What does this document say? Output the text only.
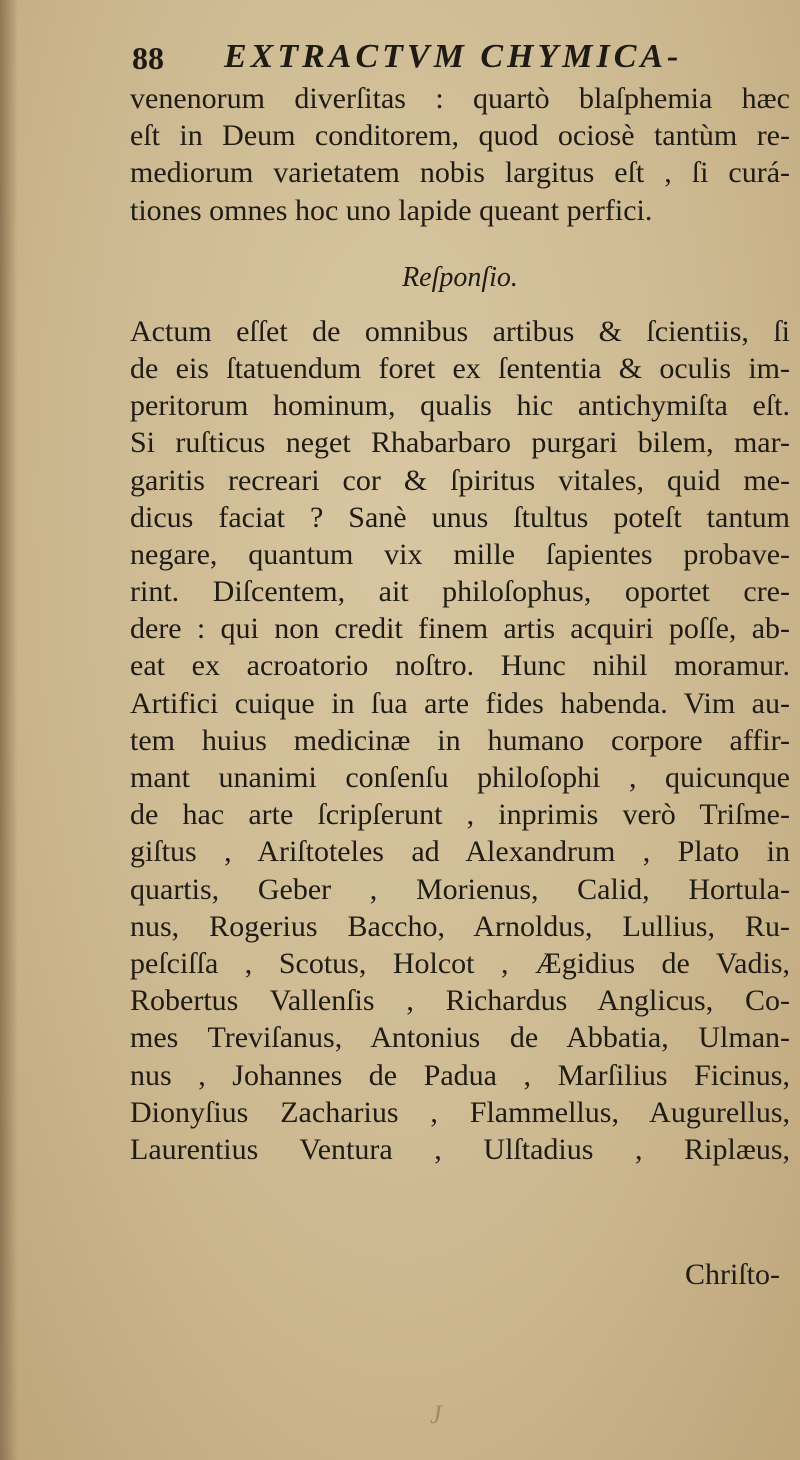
88 EXTRACTVM CHYMICA-
venenorum diverſitas : quartò blaſphemia hæc
eſt in Deum conditorem, quod ociosè tantùm re-
mediorum varietatem nobis largitus eſt , ſi curá-
tiones omnes hoc uno lapide queant perfici.
Reſponſio.
Actum eſſet de omnibus artibus & ſcientiis, ſi
de eis ſtatuendum foret ex ſententia & oculis im-
peritorum hominum, qualis hic antichymiſta eſt.
Si ruſticus neget Rhabarbaro purgari bilem, mar-
garitis recreari cor & ſpiritus vitales, quid me-
dicus faciat ? Sanè unus ſtultus poteſt tantum
negare, quantum vix mille ſapientes probave-
rint. Diſcentem, ait philoſophus, oportet cre-
dere : qui non credit finem artis acquiri poſſe, ab-
eat ex acroatorio noſtro. Hunc nihil moramur.
Artifici cuique in ſua arte fides habenda. Vim au-
tem huius medicinæ in humano corpore affir-
mant unanimi conſenſu philoſophi , quicunque
de hac arte ſcripſerunt , inprimis verò Triſme-
giſtus , Ariſtoteles ad Alexandrum , Plato in
quartis, Geber , Morienus, Calid, Hortula-
nus, Rogerius Baccho, Arnoldus, Lullius, Ru-
peſciſſa , Scotus, Holcot , Ægidius de Vadis,
Robertus Vallenſis , Richardus Anglicus, Co-
mes Treviſanus, Antonius de Abbatia, Ulman-
nus , Johannes de Padua , Marſilius Ficinus,
Dionyſius Zacharius , Flammellus, Augurellus,
Laurentius Ventura , Ulſtadius , Riplæus,
Chriſto-
J
